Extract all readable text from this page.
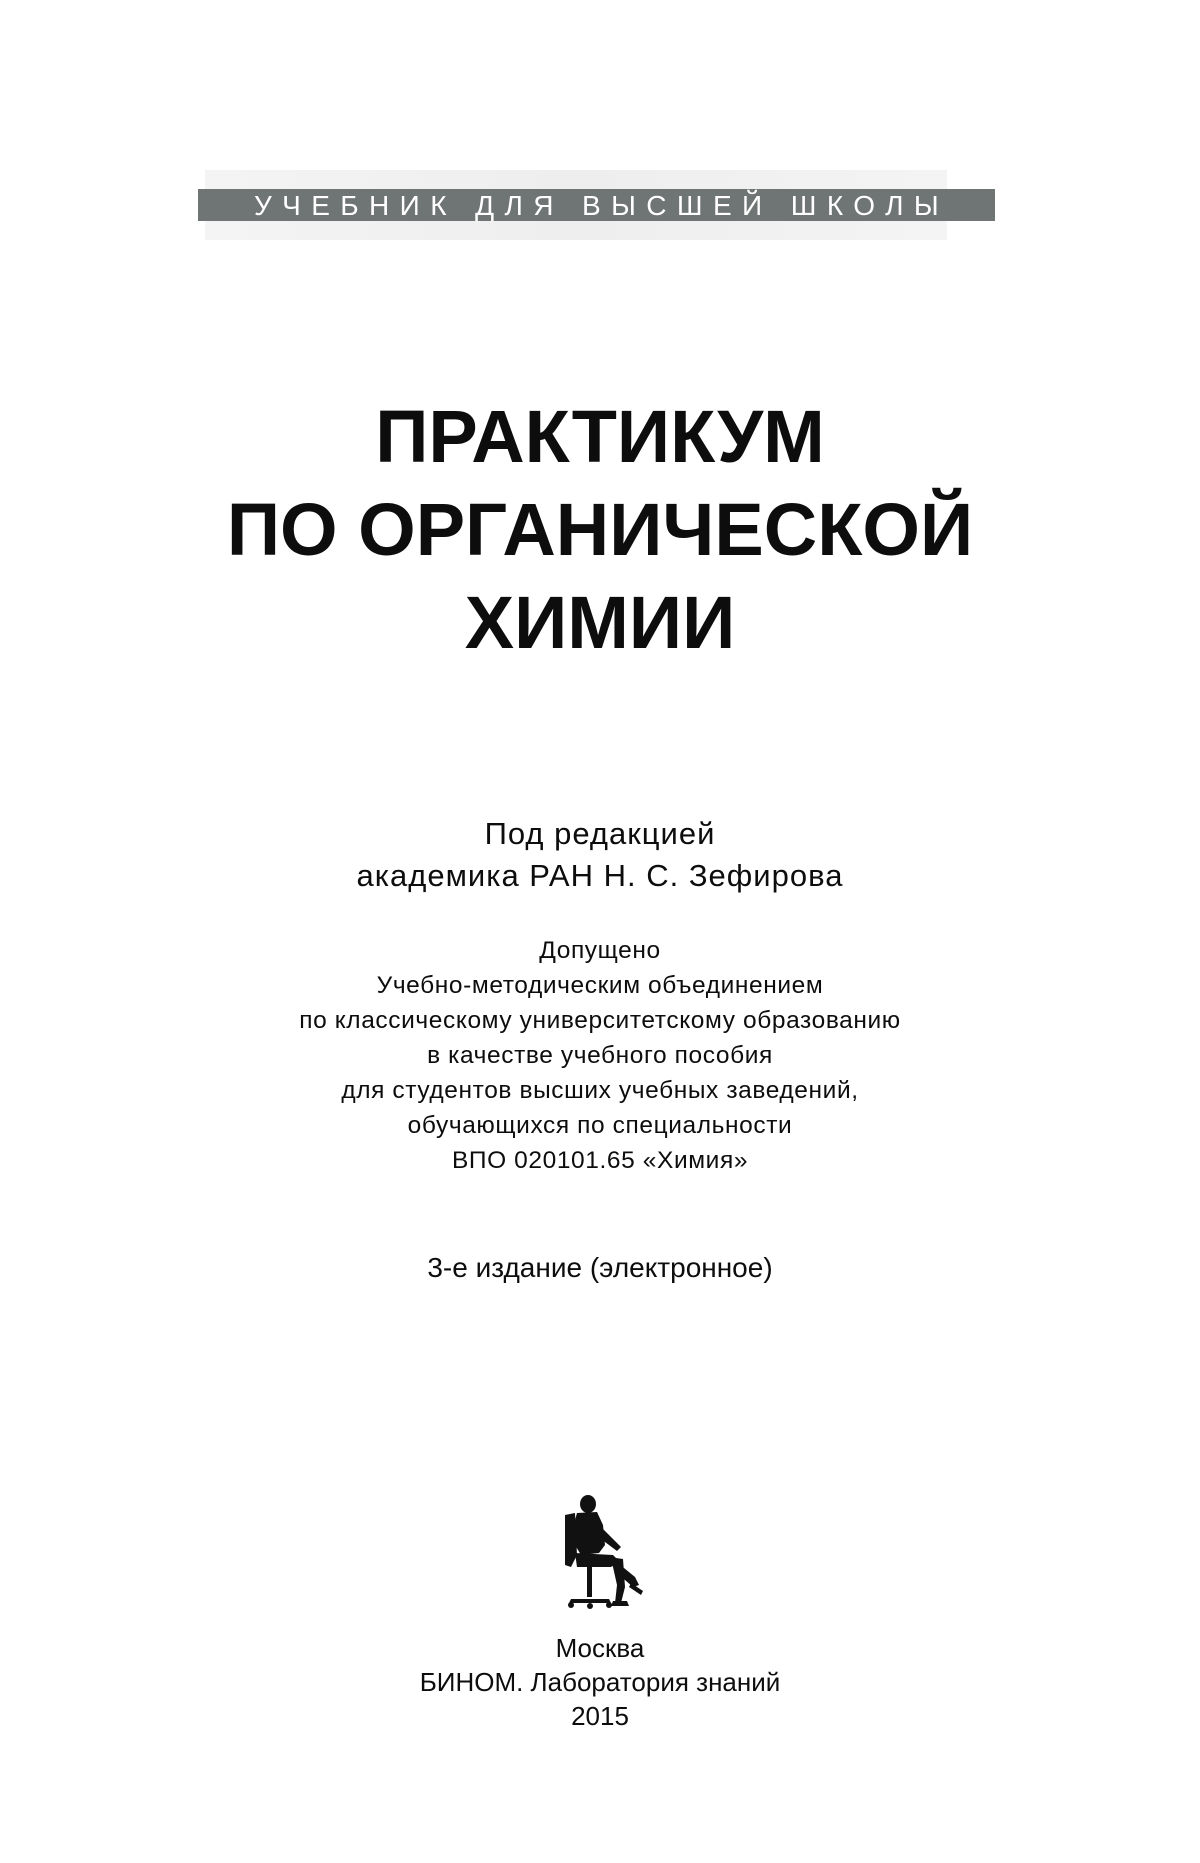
УЧЕБНИК ДЛЯ ВЫСШЕЙ ШКОЛЫ
ПРАКТИКУМ
ПО ОРГАНИЧЕСКОЙ
ХИМИИ
Под редакцией
академика РАН Н. С. Зефирова
Допущено
Учебно-методическим объединением
по классическому университетскому образованию
в качестве учебного пособия
для студентов высших учебных заведений,
обучающихся по специальности
ВПО 020101.65 «Химия»
3-е издание (электронное)
Москва
БИНОМ. Лаборатория знаний
2015
